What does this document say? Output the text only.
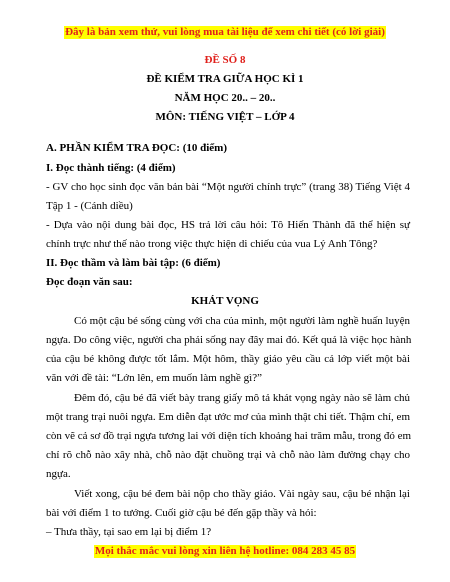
Đây là bản xem thử, vui lòng mua tài liệu để xem chi tiết (có lời giải)
ĐỀ SỐ 8
ĐỀ KIỂM TRA GIỮA HỌC KÌ 1
NĂM HỌC 20.. – 20..
MÔN: TIẾNG VIỆT – LỚP 4
A. PHẦN KIỂM TRA ĐỌC: (10 điểm)
I. Đọc thành tiếng: (4 điểm)
- GV cho học sinh đọc văn bản bài “Một người chính trực” (trang 38) Tiếng Việt 4
Tập 1 - (Cánh diều)
- Dựa vào nội dung bài đọc, HS trả lời câu hỏi: Tô Hiến Thành đã thể hiện sự
chính trực như thế nào trong việc thực hiện di chiếu của vua Lý Anh Tông?
II. Đọc thầm và làm bài tập: (6 điểm)
Đọc đoạn văn sau:
KHÁT VỌNG
Có một cậu bé sống cùng với cha của mình, một người làm nghề huấn luyện
ngựa. Do công việc, người cha phải sống nay đây mai đó. Kết quả là việc học hành
của cậu bé không được tốt lắm. Một hôm, thầy giáo yêu cầu cả lớp viết một bài
văn với đề tài: “Lớn lên, em muốn làm nghề gì?”
Đêm đó, cậu bé đã viết bày trang giấy mô tả khát vọng ngày nào sẽ làm chủ
một trang trại nuôi ngựa. Em diễn đạt ước mơ của mình thật chi tiết. Thậm chí, em
còn vẽ cả sơ đồ trại ngựa tương lai với diện tích khoảng hai trăm mẫu, trong đó em
chỉ rõ chỗ nào xây nhà, chỗ nào đặt chuồng trại và chỗ nào làm đường chạy cho
ngựa.
Viết xong, cậu bé đem bài nộp cho thầy giáo. Vài ngày sau, cậu bé nhận lại
bài với điểm 1 to tướng. Cuối giờ cậu bé đến gặp thầy và hỏi:
– Thưa thầy, tại sao em lại bị điểm 1?
Mọi thắc mắc vui lòng xin liên hệ hotline: 084 283 45 85
